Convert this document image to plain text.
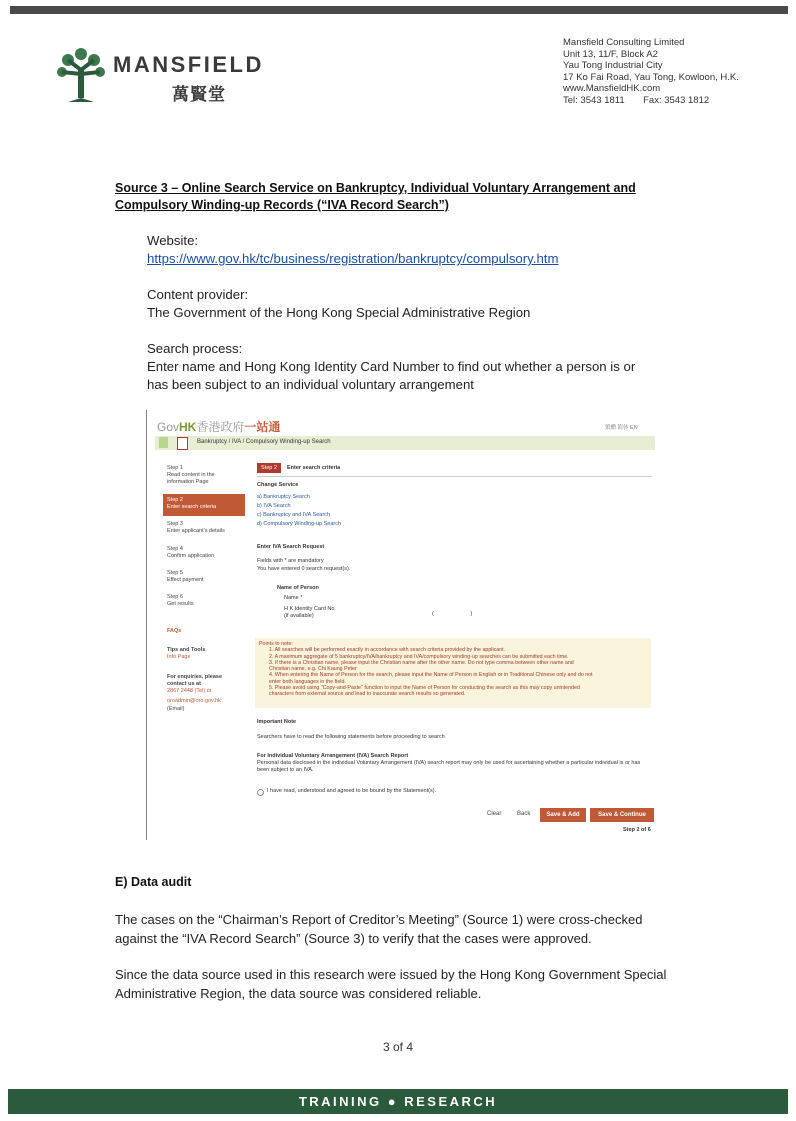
MANSFIELD
萬賢堂
Mansfield Consulting Limited
Unit 13, 11/F, Block A2
Yau Tong Industrial City
17 Ko Fai Road, Yau Tong, Kowloon, H.K.
www.MansfieldHK.com
Tel: 3543 1811 Fax: 3543 1812
Source 3 – Online Search Service on Bankruptcy, Individual Voluntary Arrangement and Compulsory Winding-up Records (“IVA Record Search”)
Website:
https://www.gov.hk/tc/business/registration/bankruptcy/compulsory.htm
Content provider:
The Government of the Hong Kong Special Administrative Region
Search process:
Enter name and Hong Kong Identity Card Number to find out whether a person is or has been subject to an individual voluntary arrangement
GovHK香港政府一站通	繁體 简体 EN
Bankruptcy / IVA / Compulsory Winding-up Search
Step 1
Read content in the information Page
Step 2
Enter search criteria
Step 3
Enter applicant's details
Step 4
Confirm application
Step 5
Effect payment
Step 6
Get results
FAQs
Tips and Tools
Info Page
For enquiries, please contact us at
2867 2448 (Tel) or
oroadmin@oro.gov.hk
(Email)
Step 2	Enter search criteria
Change Service
a) Bankruptcy Search
b) IVA Search
c) Bankruptcy and IVA Search
d) Compulsory Winding-up Search
Enter IVA Search Request
Fields with * are mandatory
You have entered 0 search request(s).
Name of Person
Name *
H K Identity Card No.
(if available)	(                        )
Points to note:
1. All searches will be performed exactly in accordance with search criteria provided by the applicant.
2. A maximum aggregate of 5 bankruptcy/IVA/bankruptcy and IVA/compulsory winding-up searches can be submitted each time.
3. If there is a Christian name, please input the Christian name after the other name. Do not type comma between other name and
Christian name, e.g. Chi Kaung Peter
4. When entering the Name of Person for the search, please input the Name of Person in English or in Traditional Chinese only and do not
enter both languages in the field.
5. Please avoid using "Copy-and-Paste" function to input the Name of Person for conducting the search as this may copy unintended
characters from external source and lead to inaccurate search results so generated.
Important Note
Searchers have to read the following statements before proceeding to search
For Individual Voluntary Arrangement (IVA) Search Report
Personal data disclosed in the individual Voluntary Arrangement (IVA) search report may only be used for ascertaining whether a particular individual is or has been subject to an IVA.
I have read, understood and agreed to be bound by the Statement(s).
Clear	Back	Save & Add	Save & Continue
Step 2 of 6
E) Data audit
The cases on the “Chairman’s Report of Creditor’s Meeting” (Source 1) were cross-checked against the “IVA Record Search” (Source 3) to verify that the cases were approved.
Since the data source used in this research were issued by the Hong Kong Government Special Administrative Region, the data source was considered reliable.
3 of 4
TRAINING ● RESEARCH
